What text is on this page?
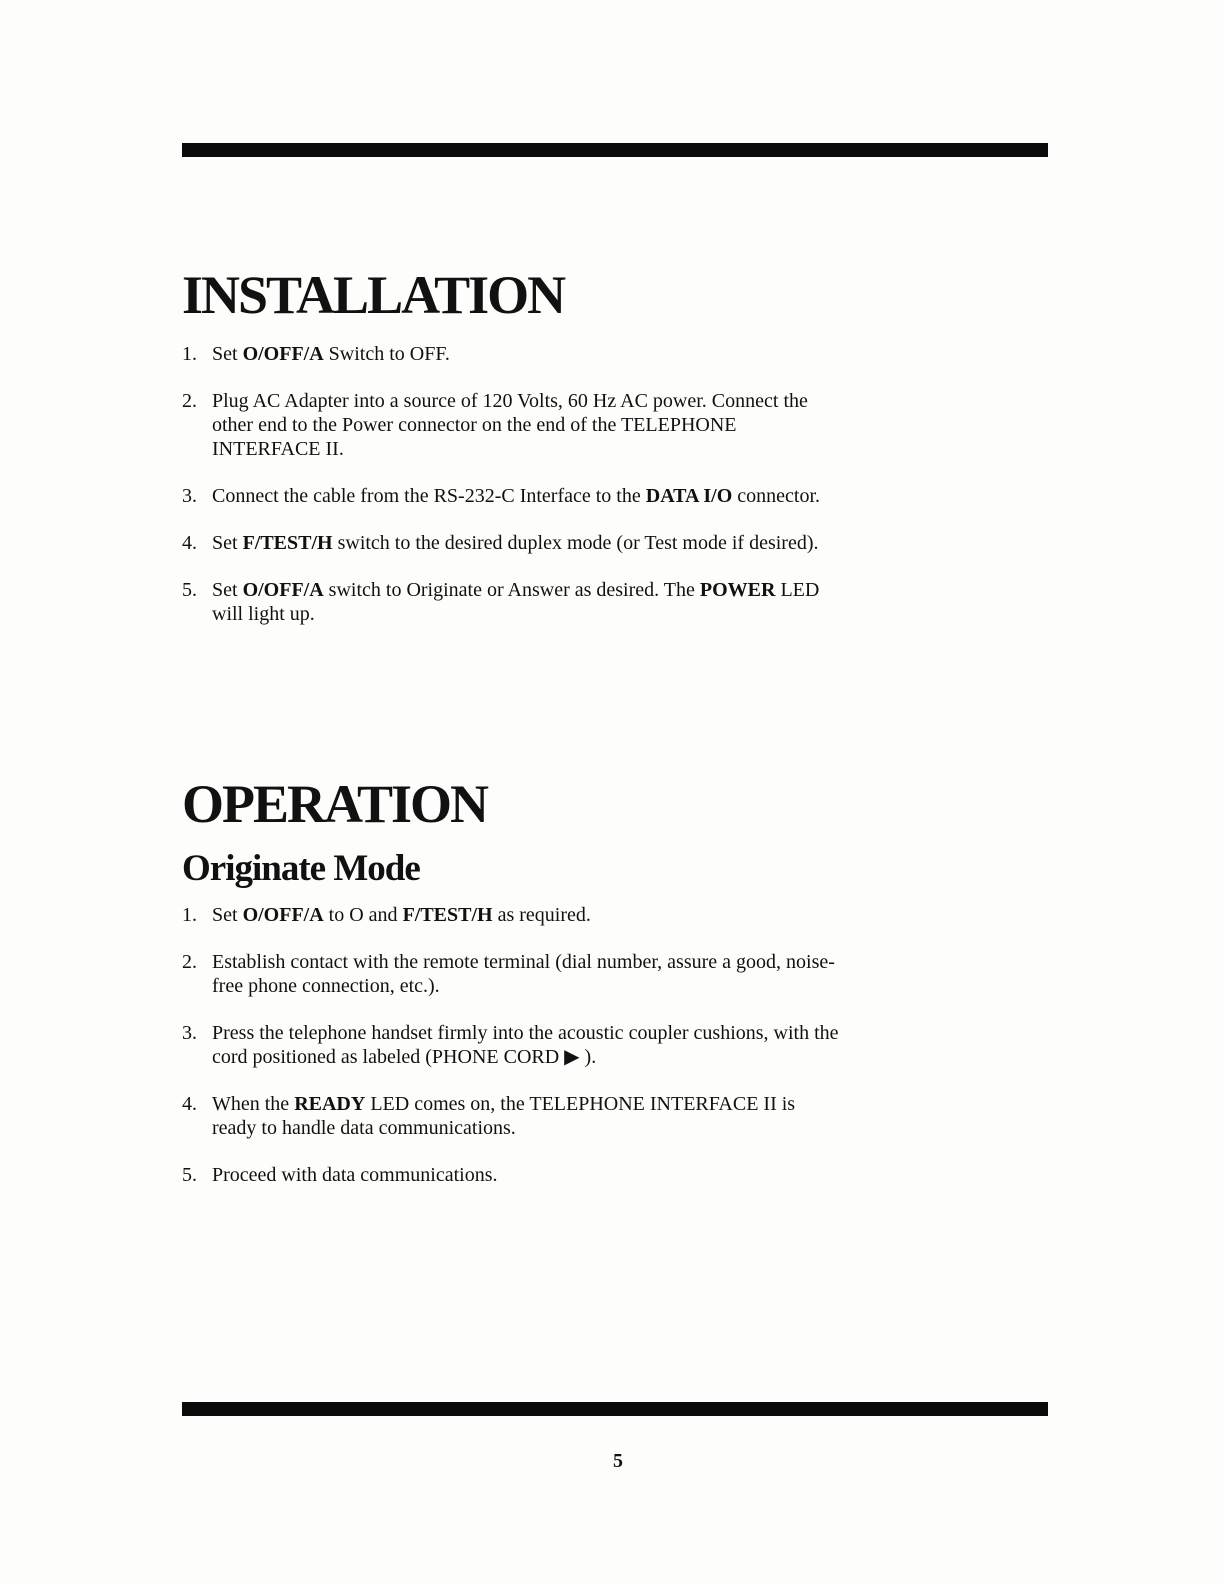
INSTALLATION
1. Set O/OFF/A Switch to OFF.
2. Plug AC Adapter into a source of 120 Volts, 60 Hz AC power. Connect the other end to the Power connector on the end of the TELEPHONE INTERFACE II.
3. Connect the cable from the RS-232-C Interface to the DATA I/O connector.
4. Set F/TEST/H switch to the desired duplex mode (or Test mode if desired).
5. Set O/OFF/A switch to Originate or Answer as desired. The POWER LED will light up.
OPERATION
Originate Mode
1. Set O/OFF/A to O and F/TEST/H as required.
2. Establish contact with the remote terminal (dial number, assure a good, noise-free phone connection, etc.).
3. Press the telephone handset firmly into the acoustic coupler cushions, with the cord positioned as labeled (PHONE CORD ▶ ).
4. When the READY LED comes on, the TELEPHONE INTERFACE II is ready to handle data communications.
5. Proceed with data communications.
5
